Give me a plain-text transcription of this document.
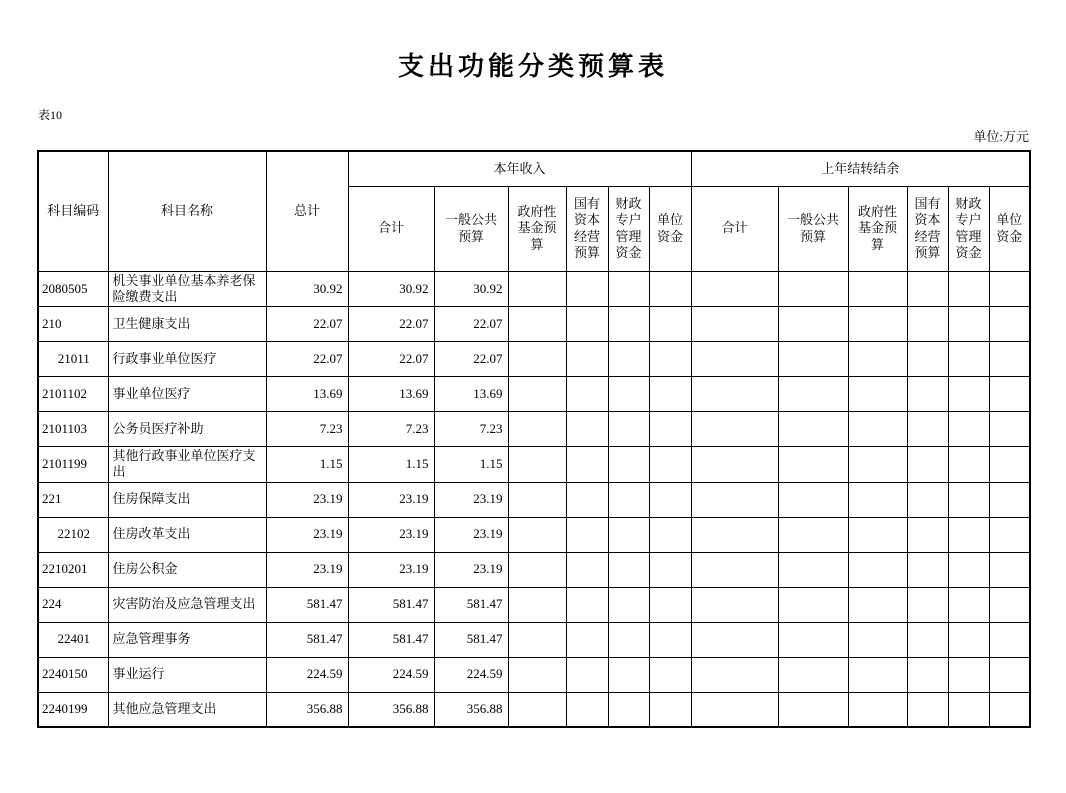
支出功能分类预算表
表10
单位:万元
科目编码	科目名称	总计	本年收入						上年结转结余					
			合计	一般公共预算	政府性基金预算	国有资本经营预算	财政专户管理资金	单位资金	合计	一般公共预算	政府性基金预算	国有资本经营预算	财政专户管理资金	单位资金
2080505	机关事业单位基本养老保险缴费支出	30.92	30.92	30.92										
210	卫生健康支出	22.07	22.07	22.07										
21011	行政事业单位医疗	22.07	22.07	22.07										
2101102	事业单位医疗	13.69	13.69	13.69										
2101103	公务员医疗补助	7.23	7.23	7.23										
2101199	其他行政事业单位医疗支出	1.15	1.15	1.15										
221	住房保障支出	23.19	23.19	23.19										
22102	住房改革支出	23.19	23.19	23.19										
2210201	住房公积金	23.19	23.19	23.19										
224	灾害防治及应急管理支出	581.47	581.47	581.47										
22401	应急管理事务	581.47	581.47	581.47										
2240150	事业运行	224.59	224.59	224.59										
2240199	其他应急管理支出	356.88	356.88	356.88										
